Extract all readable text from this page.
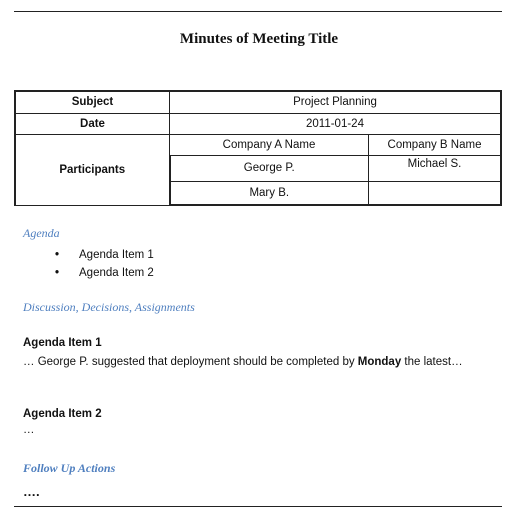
Minutes of Meeting Title
Subject	Project Planning	
Date	2011-01-24	
Participants	Company A Name	Company B Name
	George P.	Michael S.
	Mary B.	
Agenda
• Agenda Item 1
• Agenda Item 2
Discussion, Decisions, Assignments
Agenda Item 1
… George P. suggested that deployment should be completed by Monday the latest…
Agenda Item 2
…
Follow Up Actions
….
